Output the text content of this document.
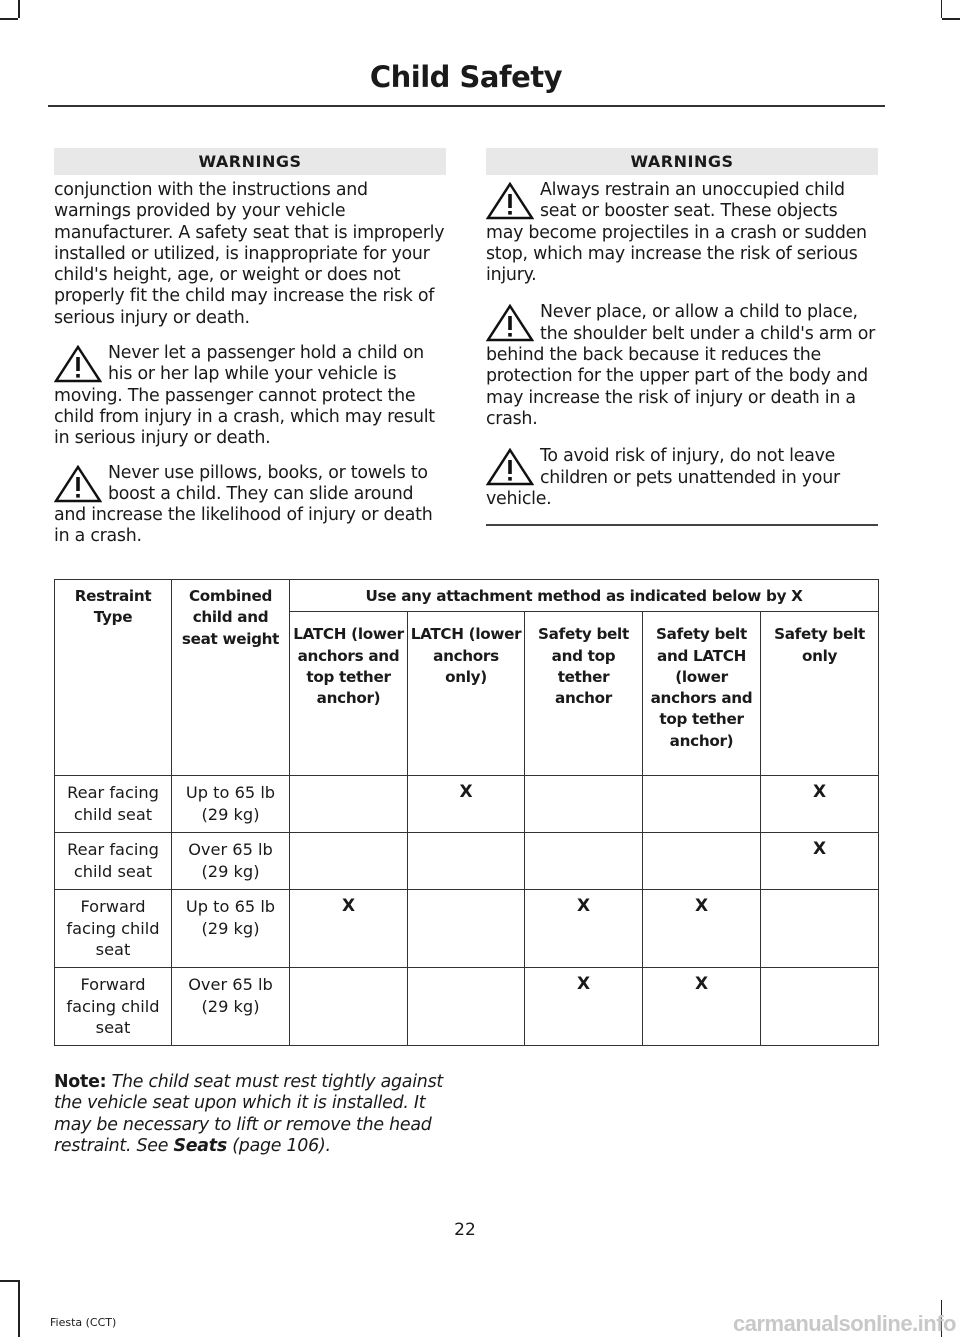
Child Safety
WARNINGS

conjunction with the instructions and warnings provided by your vehicle manufacturer. A safety seat that is improperly installed or utilized, is inappropriate for your child's height, age, or weight or does not properly fit the child may increase the risk of serious injury or death.

Never let a passenger hold a child on his or her lap while your vehicle is moving. The passenger cannot protect the child from injury in a crash, which may result in serious injury or death.
Never use pillows, books, or towels to boost a child. They can slide around and increase the likelihood of injury or death in a crash.
WARNINGS
Always restrain an unoccupied child seat or booster seat. These objects may become projectiles in a crash or sudden stop, which may increase the risk of serious injury.
Never place, or allow a child to place, the shoulder belt under a child's arm or behind the back because it reduces the protection for the upper part of the body and may increase the risk of injury or death in a crash.
To avoid risk of injury, do not leave children or pets unattended in your vehicle.
Restraint Type	Combined child and seat weight	Use any attachment method as indicated below by X				
		LATCH (lower anchors and top tether anchor)	LATCH (lower anchors only)	Safety belt and top tether anchor	Safety belt and LATCH (lower anchors and top tether anchor)	Safety belt only
Rear facing child seat	Up to 65 lb (29 kg)		X			X
Rear facing child seat	Over 65 lb (29 kg)					X
Forward facing child seat	Up to 65 lb (29 kg)	X		X	X	
Forward facing child seat	Over 65 lb (29 kg)			X	X	
Note: The child seat must rest tightly against the vehicle seat upon which it is installed. It may be necessary to lift or remove the head restraint. See Seats (page 106).
22
Fiesta (CCT)	carmanualsonline.info
